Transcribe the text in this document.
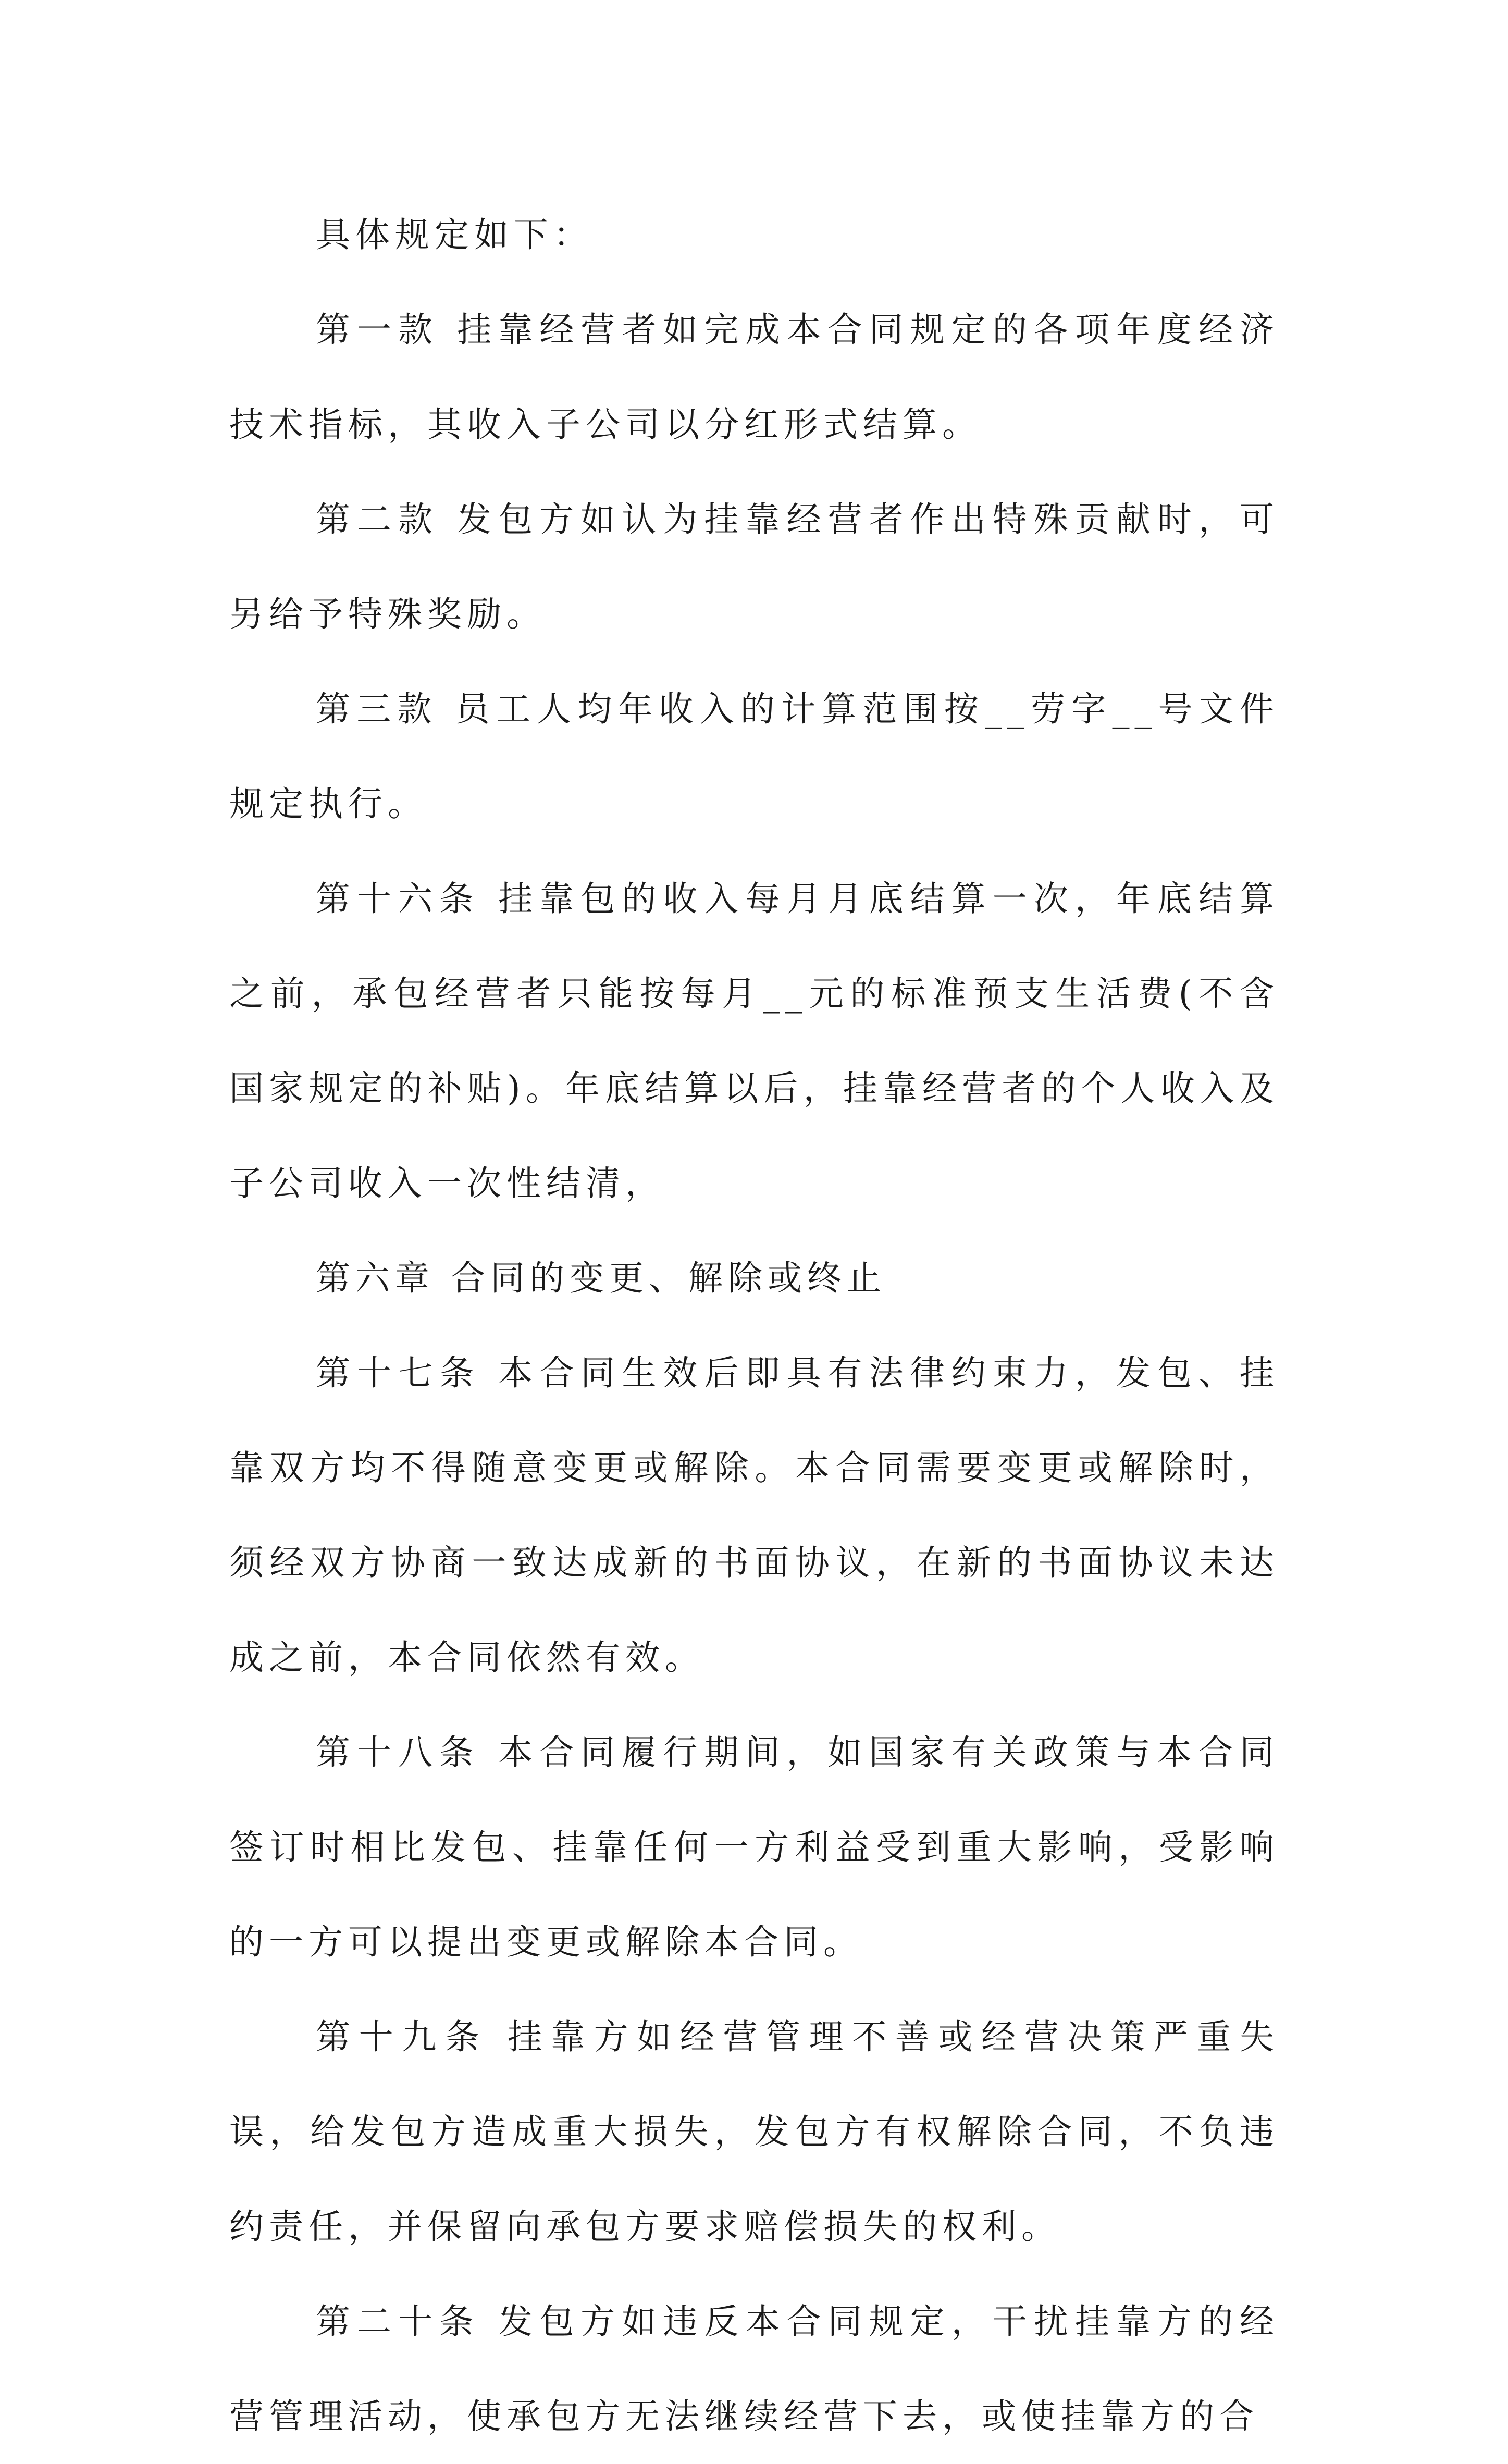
具体规定如下：

第一款 挂靠经营者如完成本合同规定的各项年度经济技术指标，其收入子公司以分红形式结算。

第二款 发包方如认为挂靠经营者作出特殊贡献时，可另给予特殊奖励。

第三款 员工人均年收入的计算范围按__劳字__号文件规定执行。

第十六条 挂靠包的收入每月月底结算一次，年底结算之前，承包经营者只能按每月__元的标准预支生活费(不含国家规定的补贴)。年底结算以后，挂靠经营者的个人收入及子公司收入一次性结清，

第六章 合同的变更、解除或终止

第十七条 本合同生效后即具有法律约束力，发包、挂靠双方均不得随意变更或解除。本合同需要变更或解除时，须经双方协商一致达成新的书面协议，在新的书面协议未达成之前，本合同依然有效。

第十八条 本合同履行期间，如国家有关政策与本合同签订时相比发包、挂靠任何一方利益受到重大影响，受影响的一方可以提出变更或解除本合同。

第十九条 挂靠方如经营管理不善或经营决策严重失误，给发包方造成重大损失，发包方有权解除合同，不负违约责任，并保留向承包方要求赔偿损失的权利。

第二十条 发包方如违反本合同规定，干扰挂靠方的经营管理活动，使承包方无法继续经营下去，或使挂靠方的合
